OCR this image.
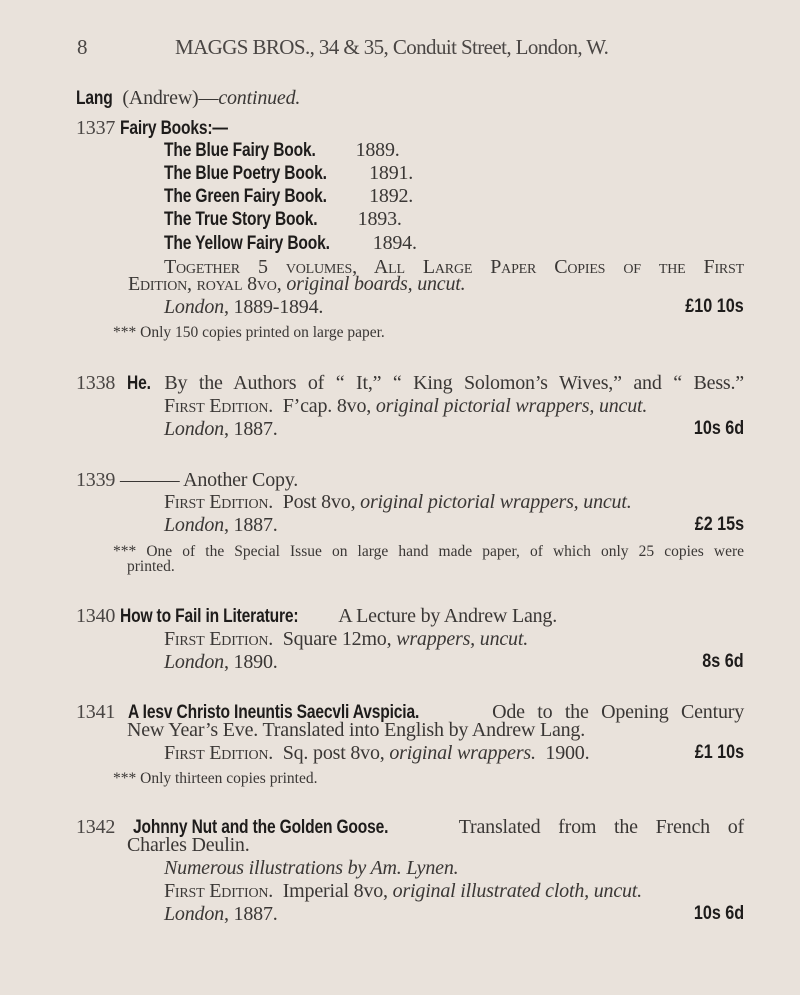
8	MAGGS BROS., 34 & 35, Conduit Street, London, W.
Lang (Andrew)—continued.
1337 Fairy Books:—
The Blue Fairy Book. 1889.
The Blue Poetry Book. 1891.
The Green Fairy Book. 1892.
The True Story Book. 1893.
The Yellow Fairy Book. 1894.
Together 5 volumes, All Large Paper Copies of the First
Edition, royal 8vo, original boards, uncut.
London, 1889-1894.	£10 10s
*** Only 150 copies printed on large paper.
1338 He. By the Authors of “ It,” “ King Solomon’s Wives,” and “ Bess.”
First Edition. F’cap. 8vo, original pictorial wrappers, uncut.
London, 1887.	10s 6d
1339 ——— Another Copy.
First Edition. Post 8vo, original pictorial wrappers, uncut.
London, 1887.	£2 15s
*** One of the Special Issue on large hand made paper, of which only 25 copies were
printed.
1340 How to Fail in Literature: A Lecture by Andrew Lang.
First Edition. Square 12mo, wrappers, uncut.
London, 1890.	8s 6d
1341 A Iesv Christo Ineuntis Saecvli Avspicia.	Ode to the Opening Century
New Year’s Eve. Translated into English by Andrew Lang.
First Edition. Sq. post 8vo, original wrappers. 1900.	£1 10s
*** Only thirteen copies printed.
1342 Johnny Nut and the Golden Goose.	Translated from the French of
Charles Deulin.
Numerous illustrations by Am. Lynen.
First Edition. Imperial 8vo, original illustrated cloth, uncut.
London, 1887.	10s 6d
